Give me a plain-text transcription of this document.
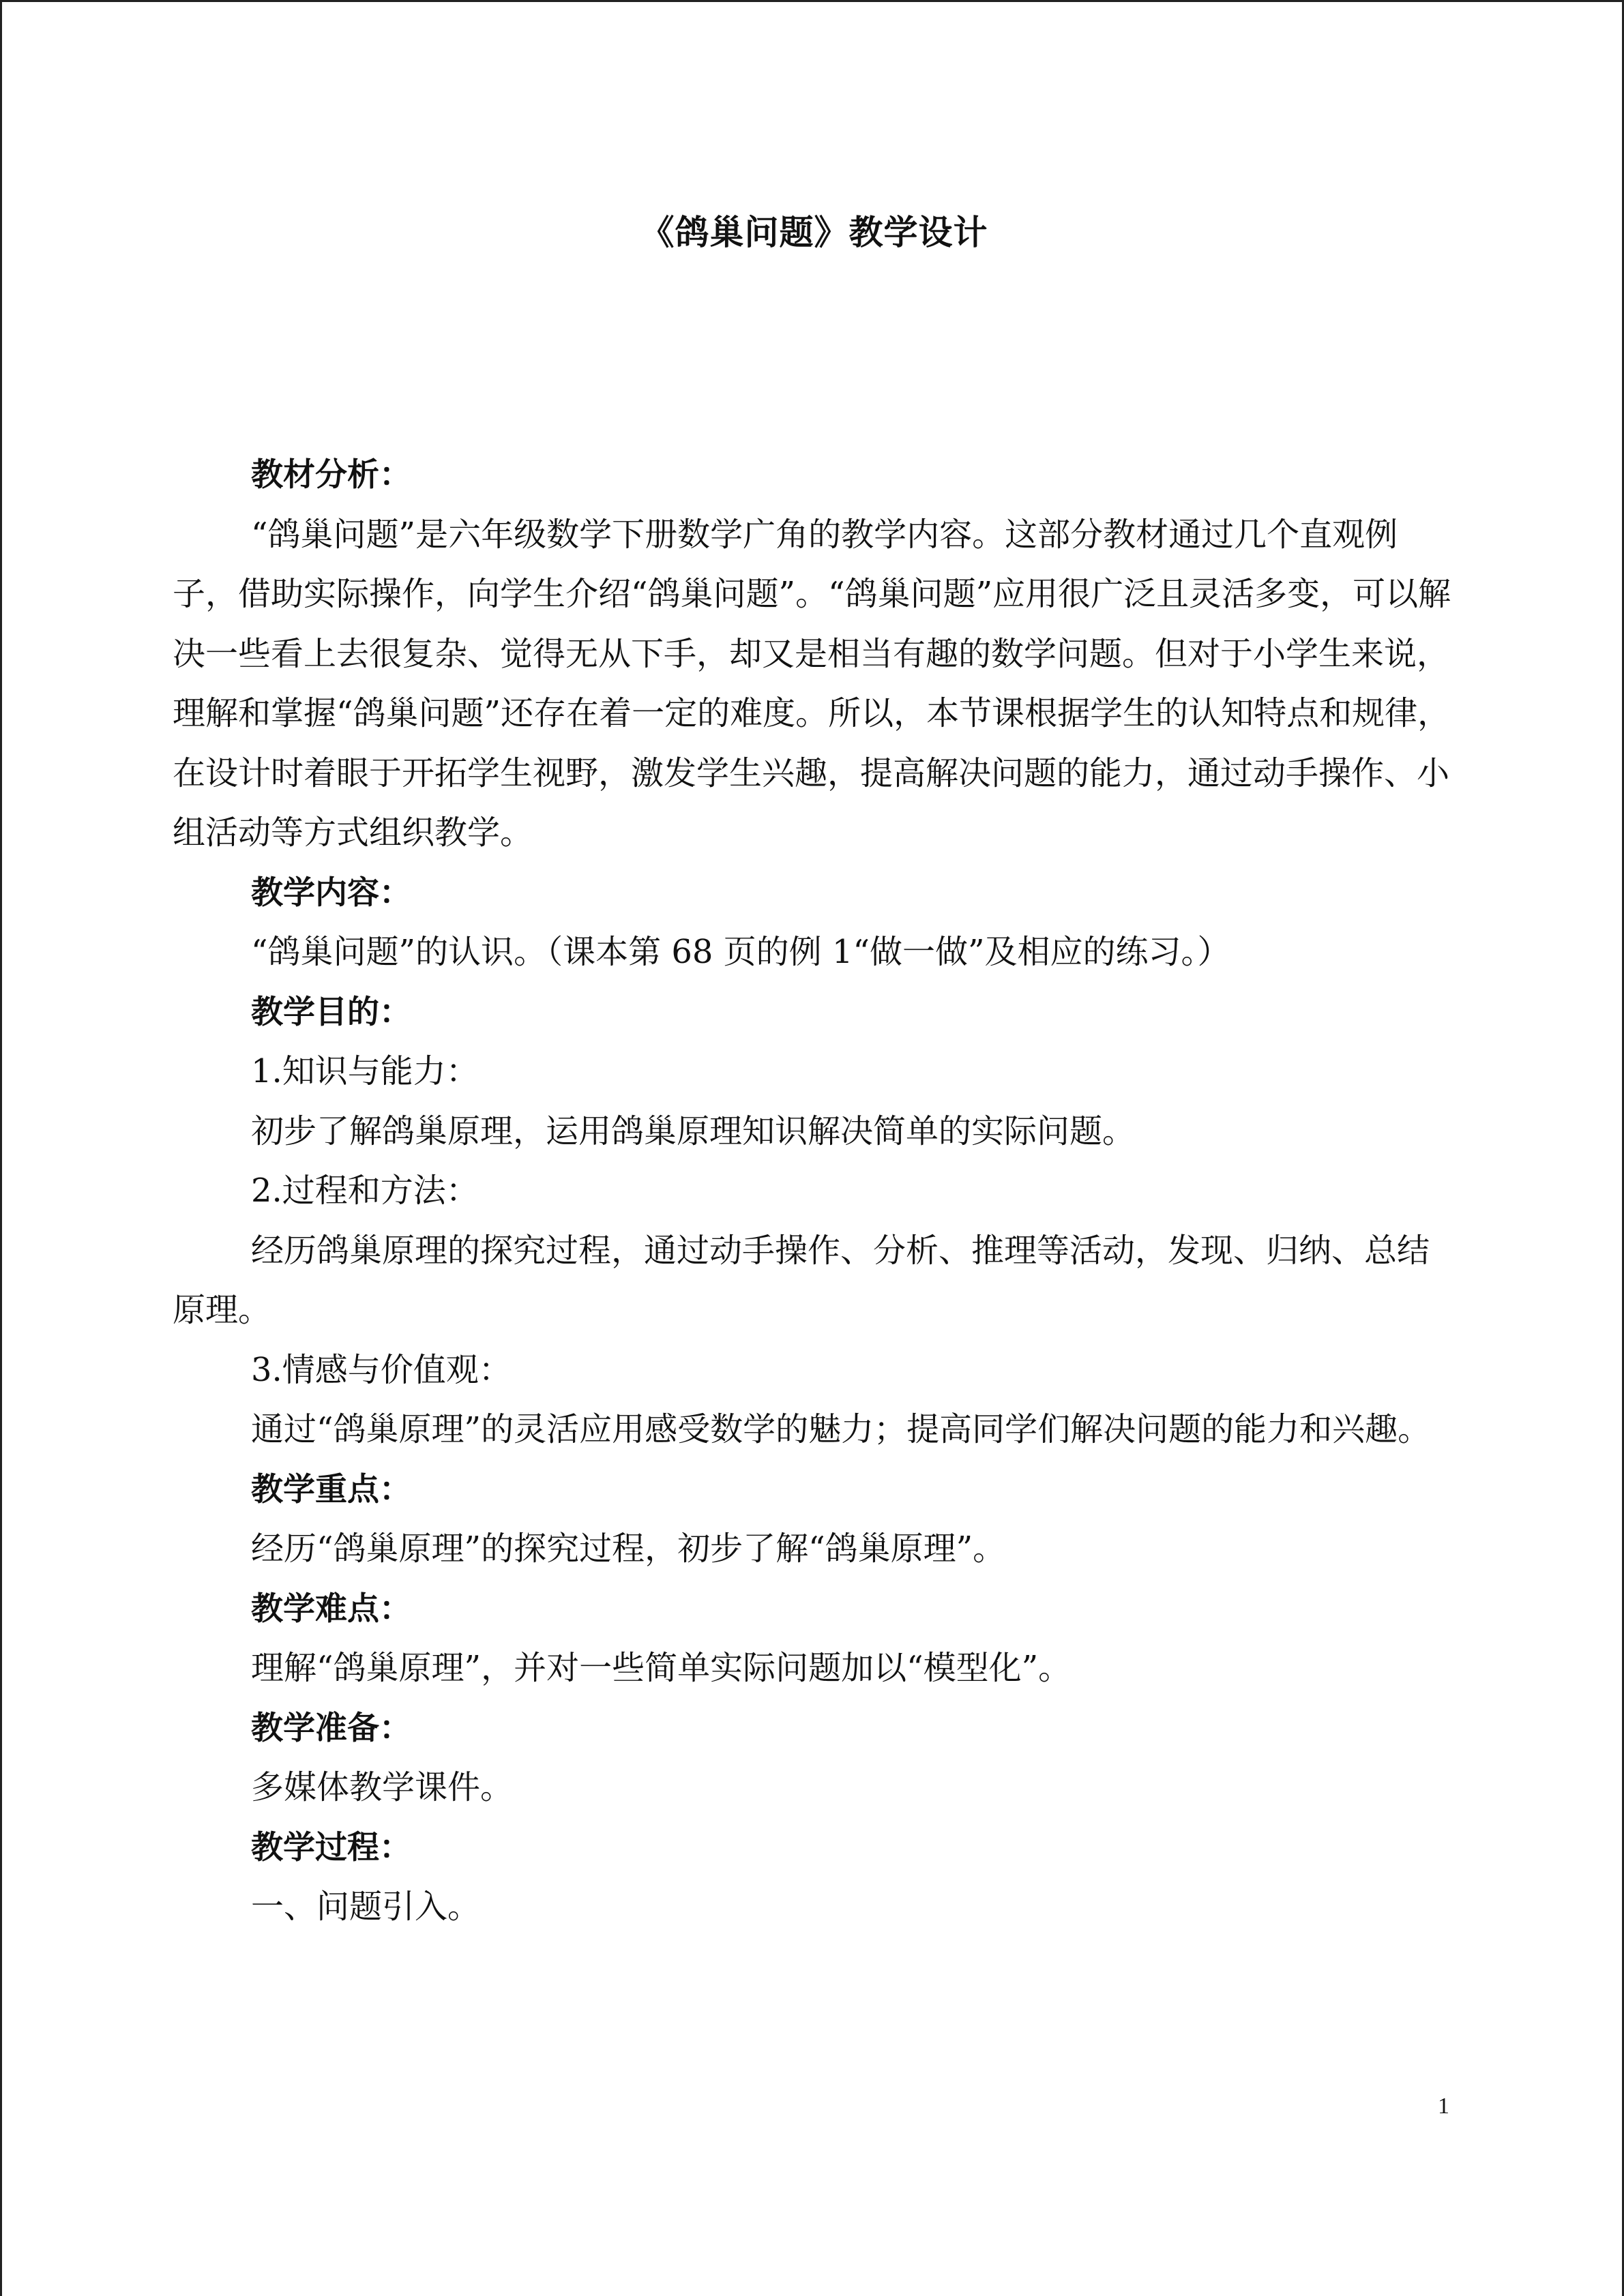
《鸽巢问题》教学设计

教材分析：

“鸽巢问题”是六年级数学下册数学广角的教学内容。这部分教材通过几个直观例子，借助实际操作，向学生介绍“鸽巢问题”。“鸽巢问题”应用很广泛且灵活多变，可以解决一些看上去很复杂、觉得无从下手，却又是相当有趣的数学问题。但对于小学生来说，理解和掌握“鸽巢问题”还存在着一定的难度。所以，本节课根据学生的认知特点和规律，在设计时着眼于开拓学生视野，激发学生兴趣，提高解决问题的能力，通过动手操作、小组活动等方式组织教学。

教学内容：

“鸽巢问题”的认识。（课本第 68 页的例 1“做一做”及相应的练习。）

教学目的：

1.知识与能力：

初步了解鸽巢原理，运用鸽巢原理知识解决简单的实际问题。

2.过程和方法：

经历鸽巢原理的探究过程，通过动手操作、分析、推理等活动，发现、归纳、总结原理。

3.情感与价值观：

通过“鸽巢原理”的灵活应用感受数学的魅力；提高同学们解决问题的能力和兴趣。

教学重点：

经历“鸽巢原理”的探究过程，初步了解“鸽巢原理”。

教学难点：

理解“鸽巢原理”，并对一些简单实际问题加以“模型化”。

教学准备：

多媒体教学课件。

教学过程：

一、问题引入。

1
